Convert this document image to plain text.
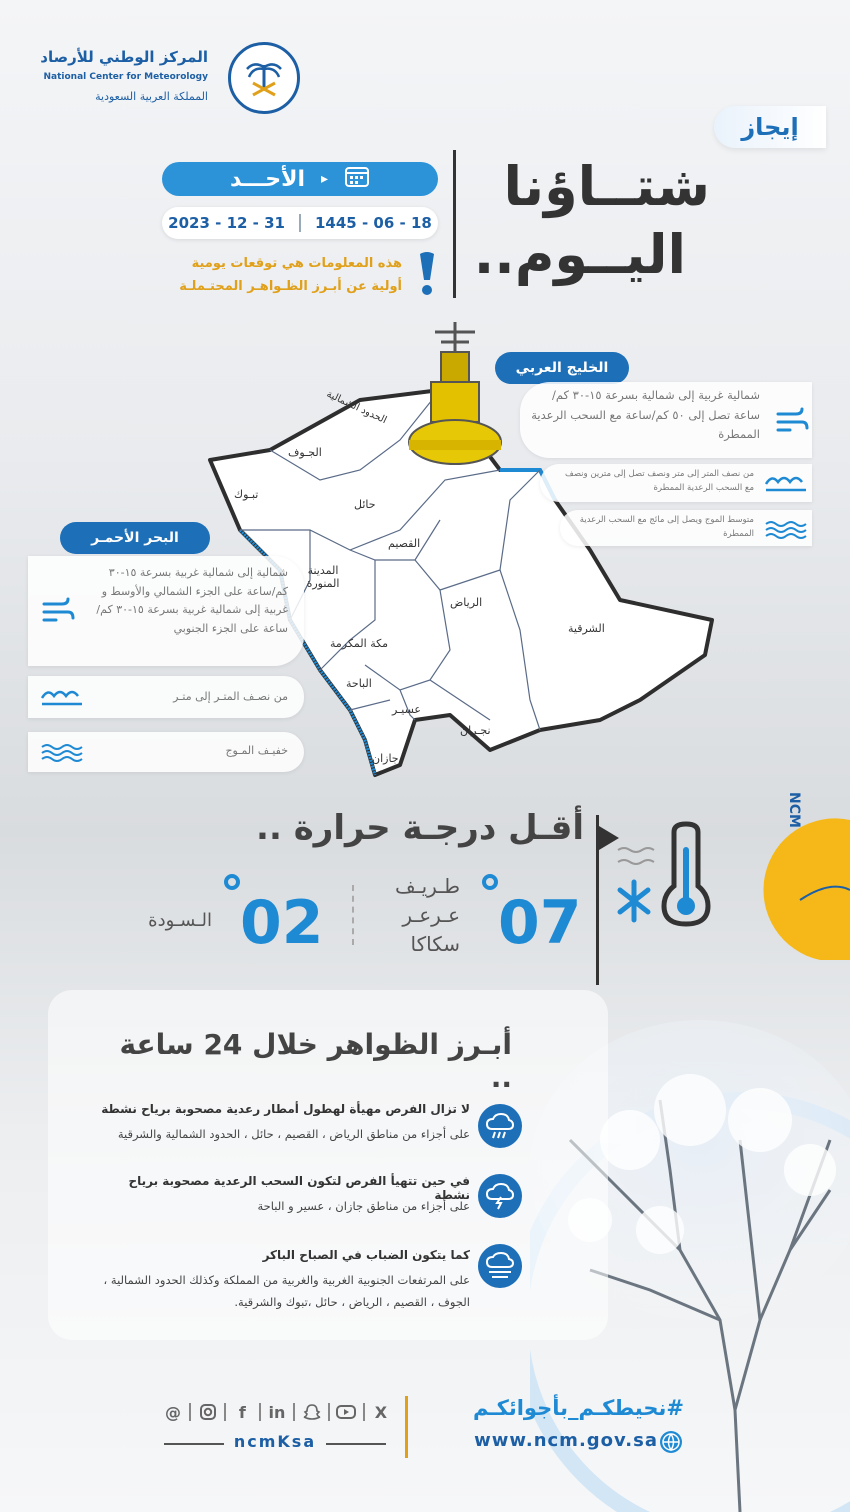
NCM
المركز الوطني للأرصاد
National Center for Meteorology
المملكة العربية السعودية
إيجاز
شتــاؤنا
اليــوم..
الأحـــد ▸
2023 - 12 - 31 1445 - 06 - 18
هذه المعلومات هي توقعات يومية
أولية عن أبـرز الظـواهـر المحتـملـة
الحدود الشمالية
الجـوف
تبـوك
حائل
القصيم
المدينة المنورة
الرياض
الشرقية
مكة المكرمة
الباحة
عسيـر
نجـران
جازان
الخليج العربي
شمالية غربية إلى شمالية بسرعة ١٥-٣٠ كم/ساعة تصل إلى ٥٠ كم/ساعة مع السحب الرعدية الممطرة
من نصف المتر إلى متر ونصف تصل إلى مترين ونصف مع السحب الرعدية الممطرة
متوسط الموج ويصل إلى مائج مع السحب الرعدية الممطرة
البحر الأحمـر
شمالية إلى شمالية غربية بسرعة ١٥-٣٠ كم/ساعة على الجزء الشمالي والأوسط و غربية إلى شمالية غربية بسرعة ١٥-٣٠ كم/ساعة على الجزء الجنوبي
من نصـف المتـر إلى متـر
خفيـف المـوج
أقـل درجـة حرارة ..
07
طـريـف
عـرعـر
سكاكا
02
الـسـودة
أبـرز الظواهر خلال 24 ساعة ..
لا تزال الفرص مهيأة لهطول أمطار رعدية مصحوبة برياح نشطة
على أجزاء من مناطق الرياض ، القصيم ، حائل ، الحدود الشمالية والشرقية
في حين تتهيأ الفرص لتكون السحب الرعدية مصحوبة برياح نشطة
على أجزاء من مناطق جازان ، عسير و الباحة
كما يتكون الضباب في الصباح الباكر
على المرتفعات الجنوبية الغربية والغربية من المملكة وكذلك الحدود الشمالية ، الجوف ، القصيم ، الرياض ، حائل ،تبوك والشرقية.
@	f	in	X
ncmKsa
#نحيطكـم_بأجوائكـم
www.ncm.gov.sa
